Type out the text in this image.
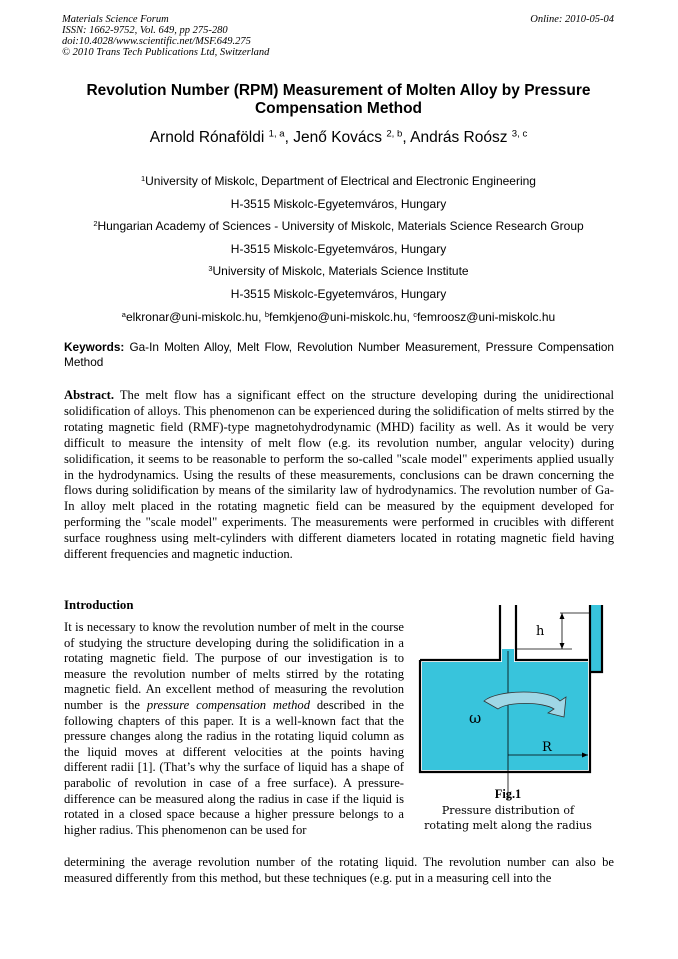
Materials Science Forum
ISSN: 1662-9752, Vol. 649, pp 275-280
doi:10.4028/www.scientific.net/MSF.649.275
© 2010 Trans Tech Publications Ltd, Switzerland
Online: 2010-05-04
Revolution Number (RPM) Measurement of Molten Alloy by Pressure Compensation Method
Arnold Rónaföldi $^{1, a}$, Jenő Kovács $^{2, b}$, András Roósz $^{3, c}$
$^1$University of Miskolc, Department of Electrical and Electronic Engineering
H-3515 Miskolc-Egyetemváros, Hungary
$^2$Hungarian Academy of Sciences - University of Miskolc, Materials Science Research Group
H-3515 Miskolc-Egyetemváros, Hungary
$^3$University of Miskolc, Materials Science Institute
H-3515 Miskolc-Egyetemváros, Hungary
$^a$elkronar@uni-miskolc.hu, $^b$femkjeno@uni-miskolc.hu, $^c$femroosz@uni-miskolc.hu
Keywords: Ga-In Molten Alloy, Melt Flow, Revolution Number Measurement, Pressure Compensation Method
Abstract. The melt flow has a significant effect on the structure developing during the unidirectional solidification of alloys. This phenomenon can be experienced during the solidification of melts stirred by the rotating magnetic field (RMF)-type magnetohydrodynamic (MHD) facility as well. As it would be very difficult to measure the intensity of melt flow (e.g. its revolution number, angular velocity) during solidification, it seems to be reasonable to perform the so-called "scale model" experiments applied usually in the hydrodynamics. Using the results of these measurements, conclusions can be drawn concerning the flows during solidification by means of the similarity law of hydrodynamics. The revolution number of Ga-In alloy melt placed in the rotating magnetic field can be measured by the equipment developed for performing the "scale model" experiments. The measurements were performed in crucibles with different surface roughness using melt-cylinders with different diameters located in rotating magnetic field having different frequencies and magnetic induction.
Introduction
It is necessary to know the revolution number of melt in the course of studying the structure developing during the solidification in a rotating magnetic field. The purpose of our investigation is to measure the revolution number of melts stirred by the rotating magnetic field. An excellent method of measuring the revolution number is the pressure compensation method described in the following chapters of this paper. It is a well-known fact that the pressure changes along the radius in the rotating liquid column as the liquid moves at different velocities at the points having different radii [1]. (That’s why the surface of liquid has a shape of parabolic of revolution in case of a free surface). A pressure-difference can be measured along the radius in case if the liquid is rotated in a closed space because a higher pressure belongs to a higher radius. This phenomenon can be used for
determining the average revolution number of the rotating liquid. The revolution number can also be measured differently from this method, but these techniques (e.g. put in a measuring cell into the
h
ω
R
Fig.1
Pressure distribution of
rotating melt along the radius
